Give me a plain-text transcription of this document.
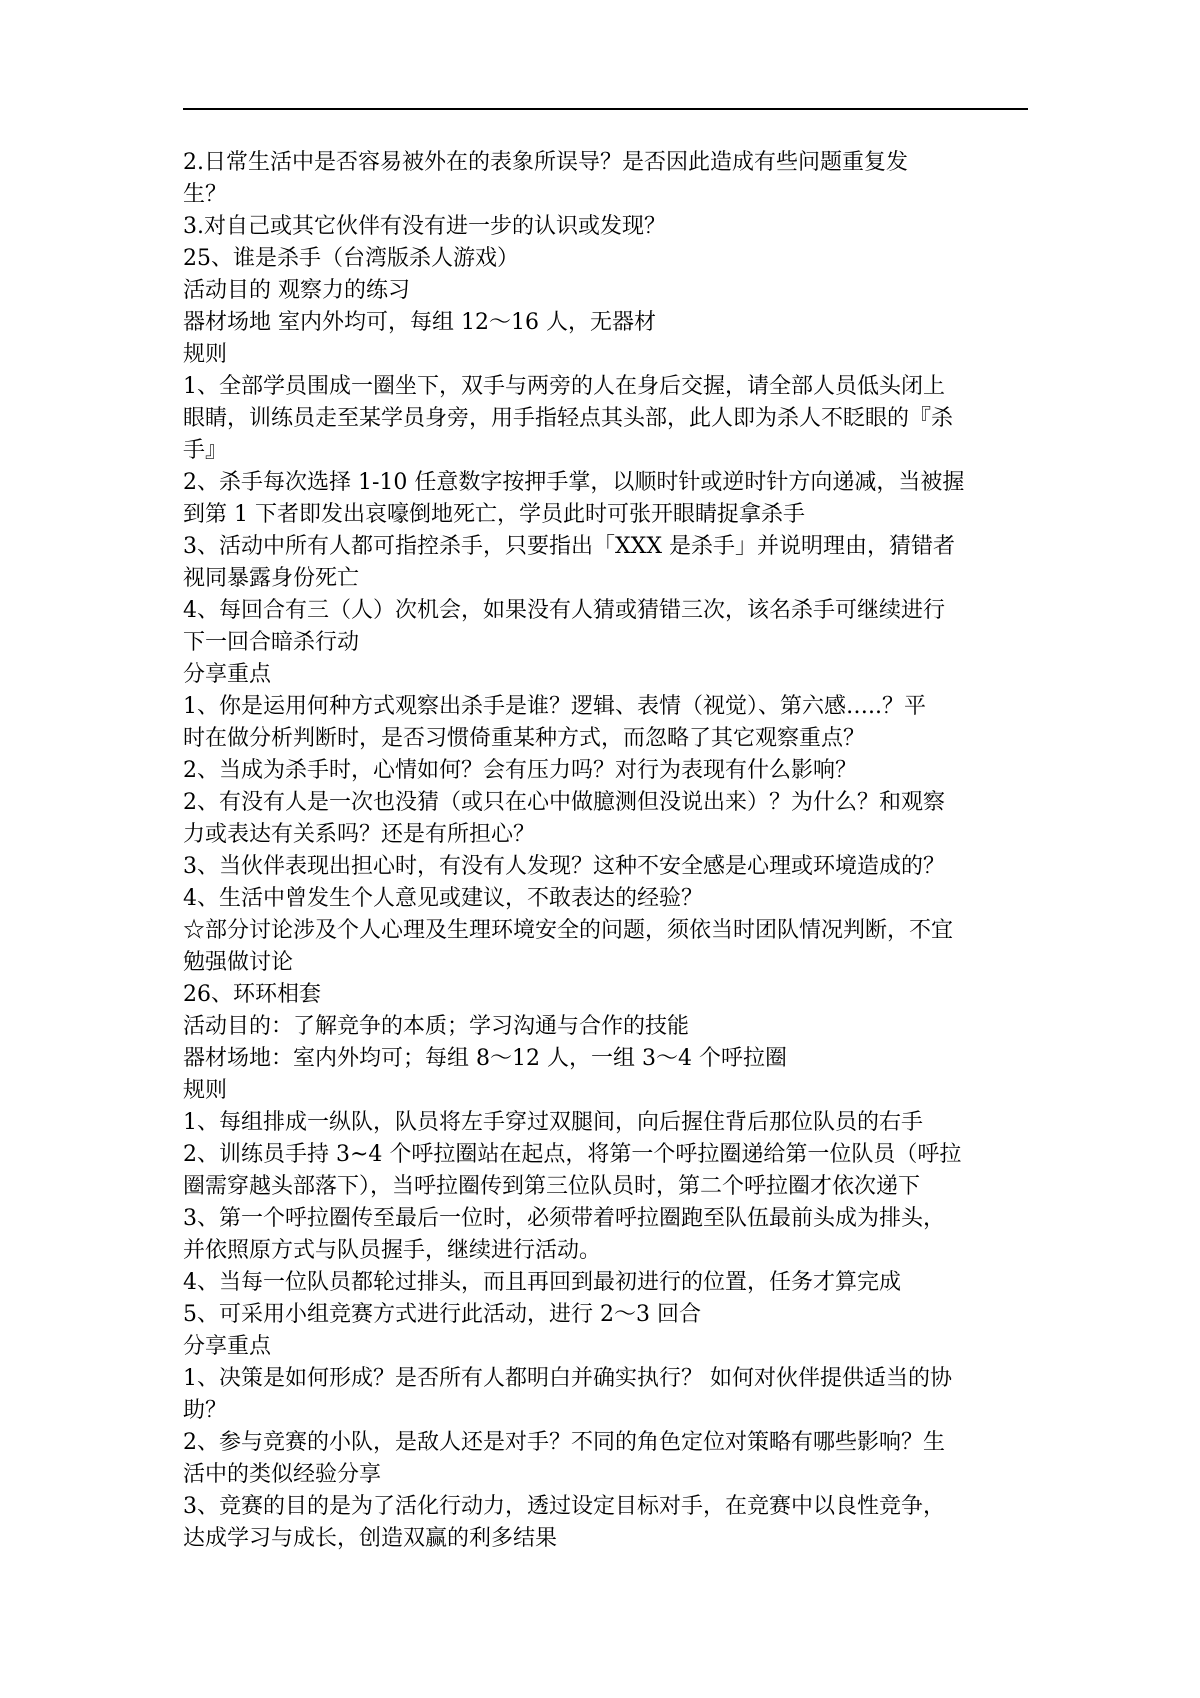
2.日常生活中是否容易被外在的表象所误导？是否因此造成有些问题重复发
生？
3.对自己或其它伙伴有没有进一步的认识或发现？
25、谁是杀手（台湾版杀人游戏）
活动目的 观察力的练习
器材场地 室内外均可，每组 12～16 人，无器材
规则
1、全部学员围成一圈坐下，双手与两旁的人在身后交握，请全部人员低头闭上
眼睛，训练员走至某学员身旁，用手指轻点其头部，此人即为杀人不眨眼的『杀
手』
2、杀手每次选择 1-10 任意数字按押手掌，以顺时针或逆时针方向递减，当被握
到第 1 下者即发出哀嚎倒地死亡，学员此时可张开眼睛捉拿杀手
3、活动中所有人都可指控杀手，只要指出「XXX 是杀手」并说明理由，猜错者
视同暴露身份死亡
4、每回合有三（人）次机会，如果没有人猜或猜错三次，该名杀手可继续进行
下一回合暗杀行动
分享重点
1、你是运用何种方式观察出杀手是谁？逻辑、表情（视觉）、第六感…..？平
时在做分析判断时，是否习惯倚重某种方式，而忽略了其它观察重点？
2、当成为杀手时，心情如何？会有压力吗？对行为表现有什么影响？
2、有没有人是一次也没猜（或只在心中做臆测但没说出来）？为什么？和观察
力或表达有关系吗？还是有所担心？
3、当伙伴表现出担心时，有没有人发现？这种不安全感是心理或环境造成的？
4、生活中曾发生个人意见或建议，不敢表达的经验？
☆部分讨论涉及个人心理及生理环境安全的问题，须依当时团队情况判断，不宜
勉强做讨论
26、环环相套
活动目的：了解竞争的本质；学习沟通与合作的技能
器材场地：室内外均可；每组 8～12 人，一组 3～4 个呼拉圈
规则
1、每组排成一纵队，队员将左手穿过双腿间，向后握住背后那位队员的右手
2、训练员手持 3~4 个呼拉圈站在起点，将第一个呼拉圈递给第一位队员（呼拉
圈需穿越头部落下），当呼拉圈传到第三位队员时，第二个呼拉圈才依次递下
3、第一个呼拉圈传至最后一位时，必须带着呼拉圈跑至队伍最前头成为排头，
并依照原方式与队员握手，继续进行活动。
4、当每一位队员都轮过排头，而且再回到最初进行的位置，任务才算完成
5、可采用小组竞赛方式进行此活动，进行 2～3 回合
分享重点
1、决策是如何形成？是否所有人都明白并确实执行？ 如何对伙伴提供适当的协
助？
2、参与竞赛的小队，是敌人还是对手？不同的角色定位对策略有哪些影响？生
活中的类似经验分享
3、竞赛的目的是为了活化行动力，透过设定目标对手，在竞赛中以良性竞争，
达成学习与成长，创造双赢的利多结果
